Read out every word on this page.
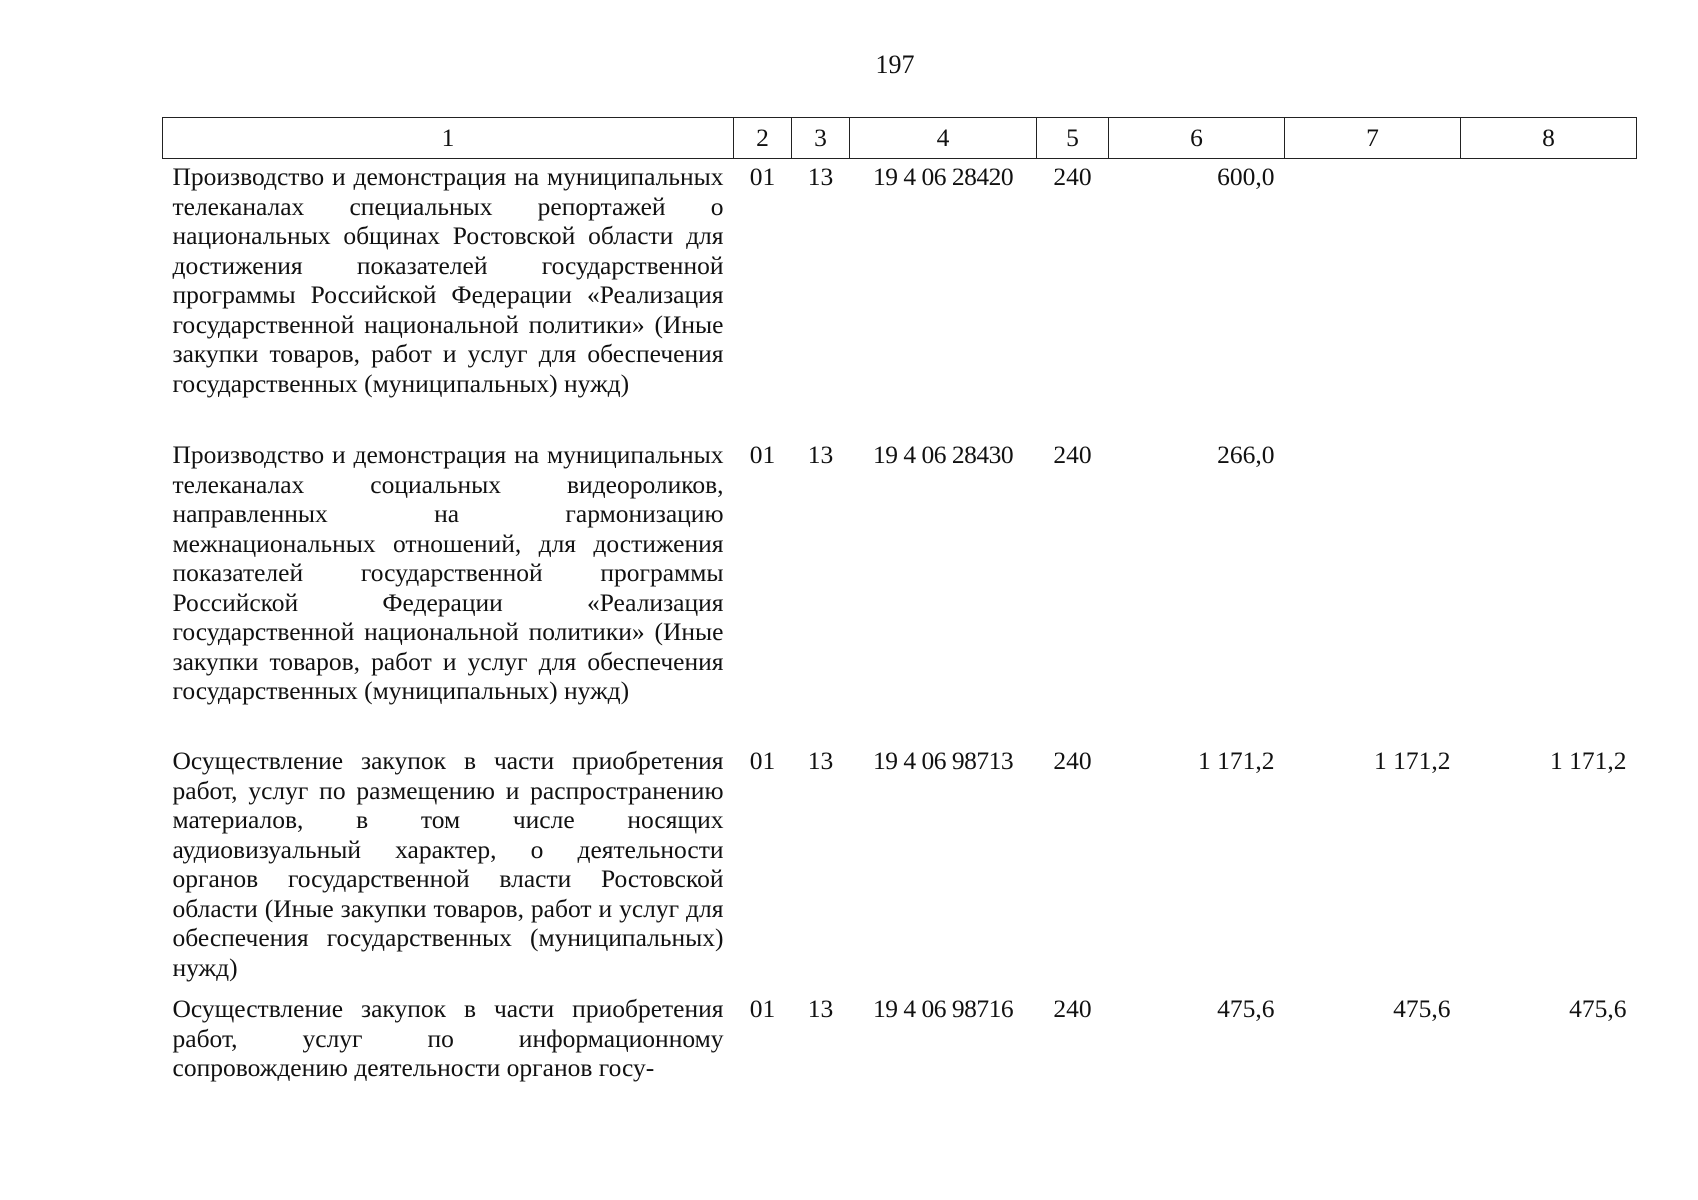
197
1	2	3	4	5	6	7	8
Производство и демонстрация на муниципальных телеканалах специальных репортажей о национальных общинах Ростовской области для достижения показателей государственной программы Российской Федерации «Реализация государственной национальной политики» (Иные закупки товаров, работ и услуг для обеспечения государственных (муниципальных) нужд)	01	13	19 4 06 28420	240	600,0		
Производство и демонстрация на муниципальных телеканалах социальных видеороликов, направленных на гармонизацию межнациональных отношений, для достижения показателей государственной программы Российской Федерации «Реализация государственной национальной политики» (Иные закупки товаров, работ и услуг для обеспечения государственных (муниципальных) нужд)	01	13	19 4 06 28430	240	266,0		
Осуществление закупок в части приобретения работ, услуг по размещению и распространению материалов, в том числе носящих аудиовизуальный характер, о деятельности органов государственной власти Ростовской области (Иные закупки товаров, работ и услуг для обеспечения государственных (муниципальных) нужд)	01	13	19 4 06 98713	240	1 171,2	1 171,2	1 171,2
Осуществление закупок в части приобретения работ, услуг по информационному сопровождению деятельности органов госу-	01	13	19 4 06 98716	240	475,6	475,6	475,6
